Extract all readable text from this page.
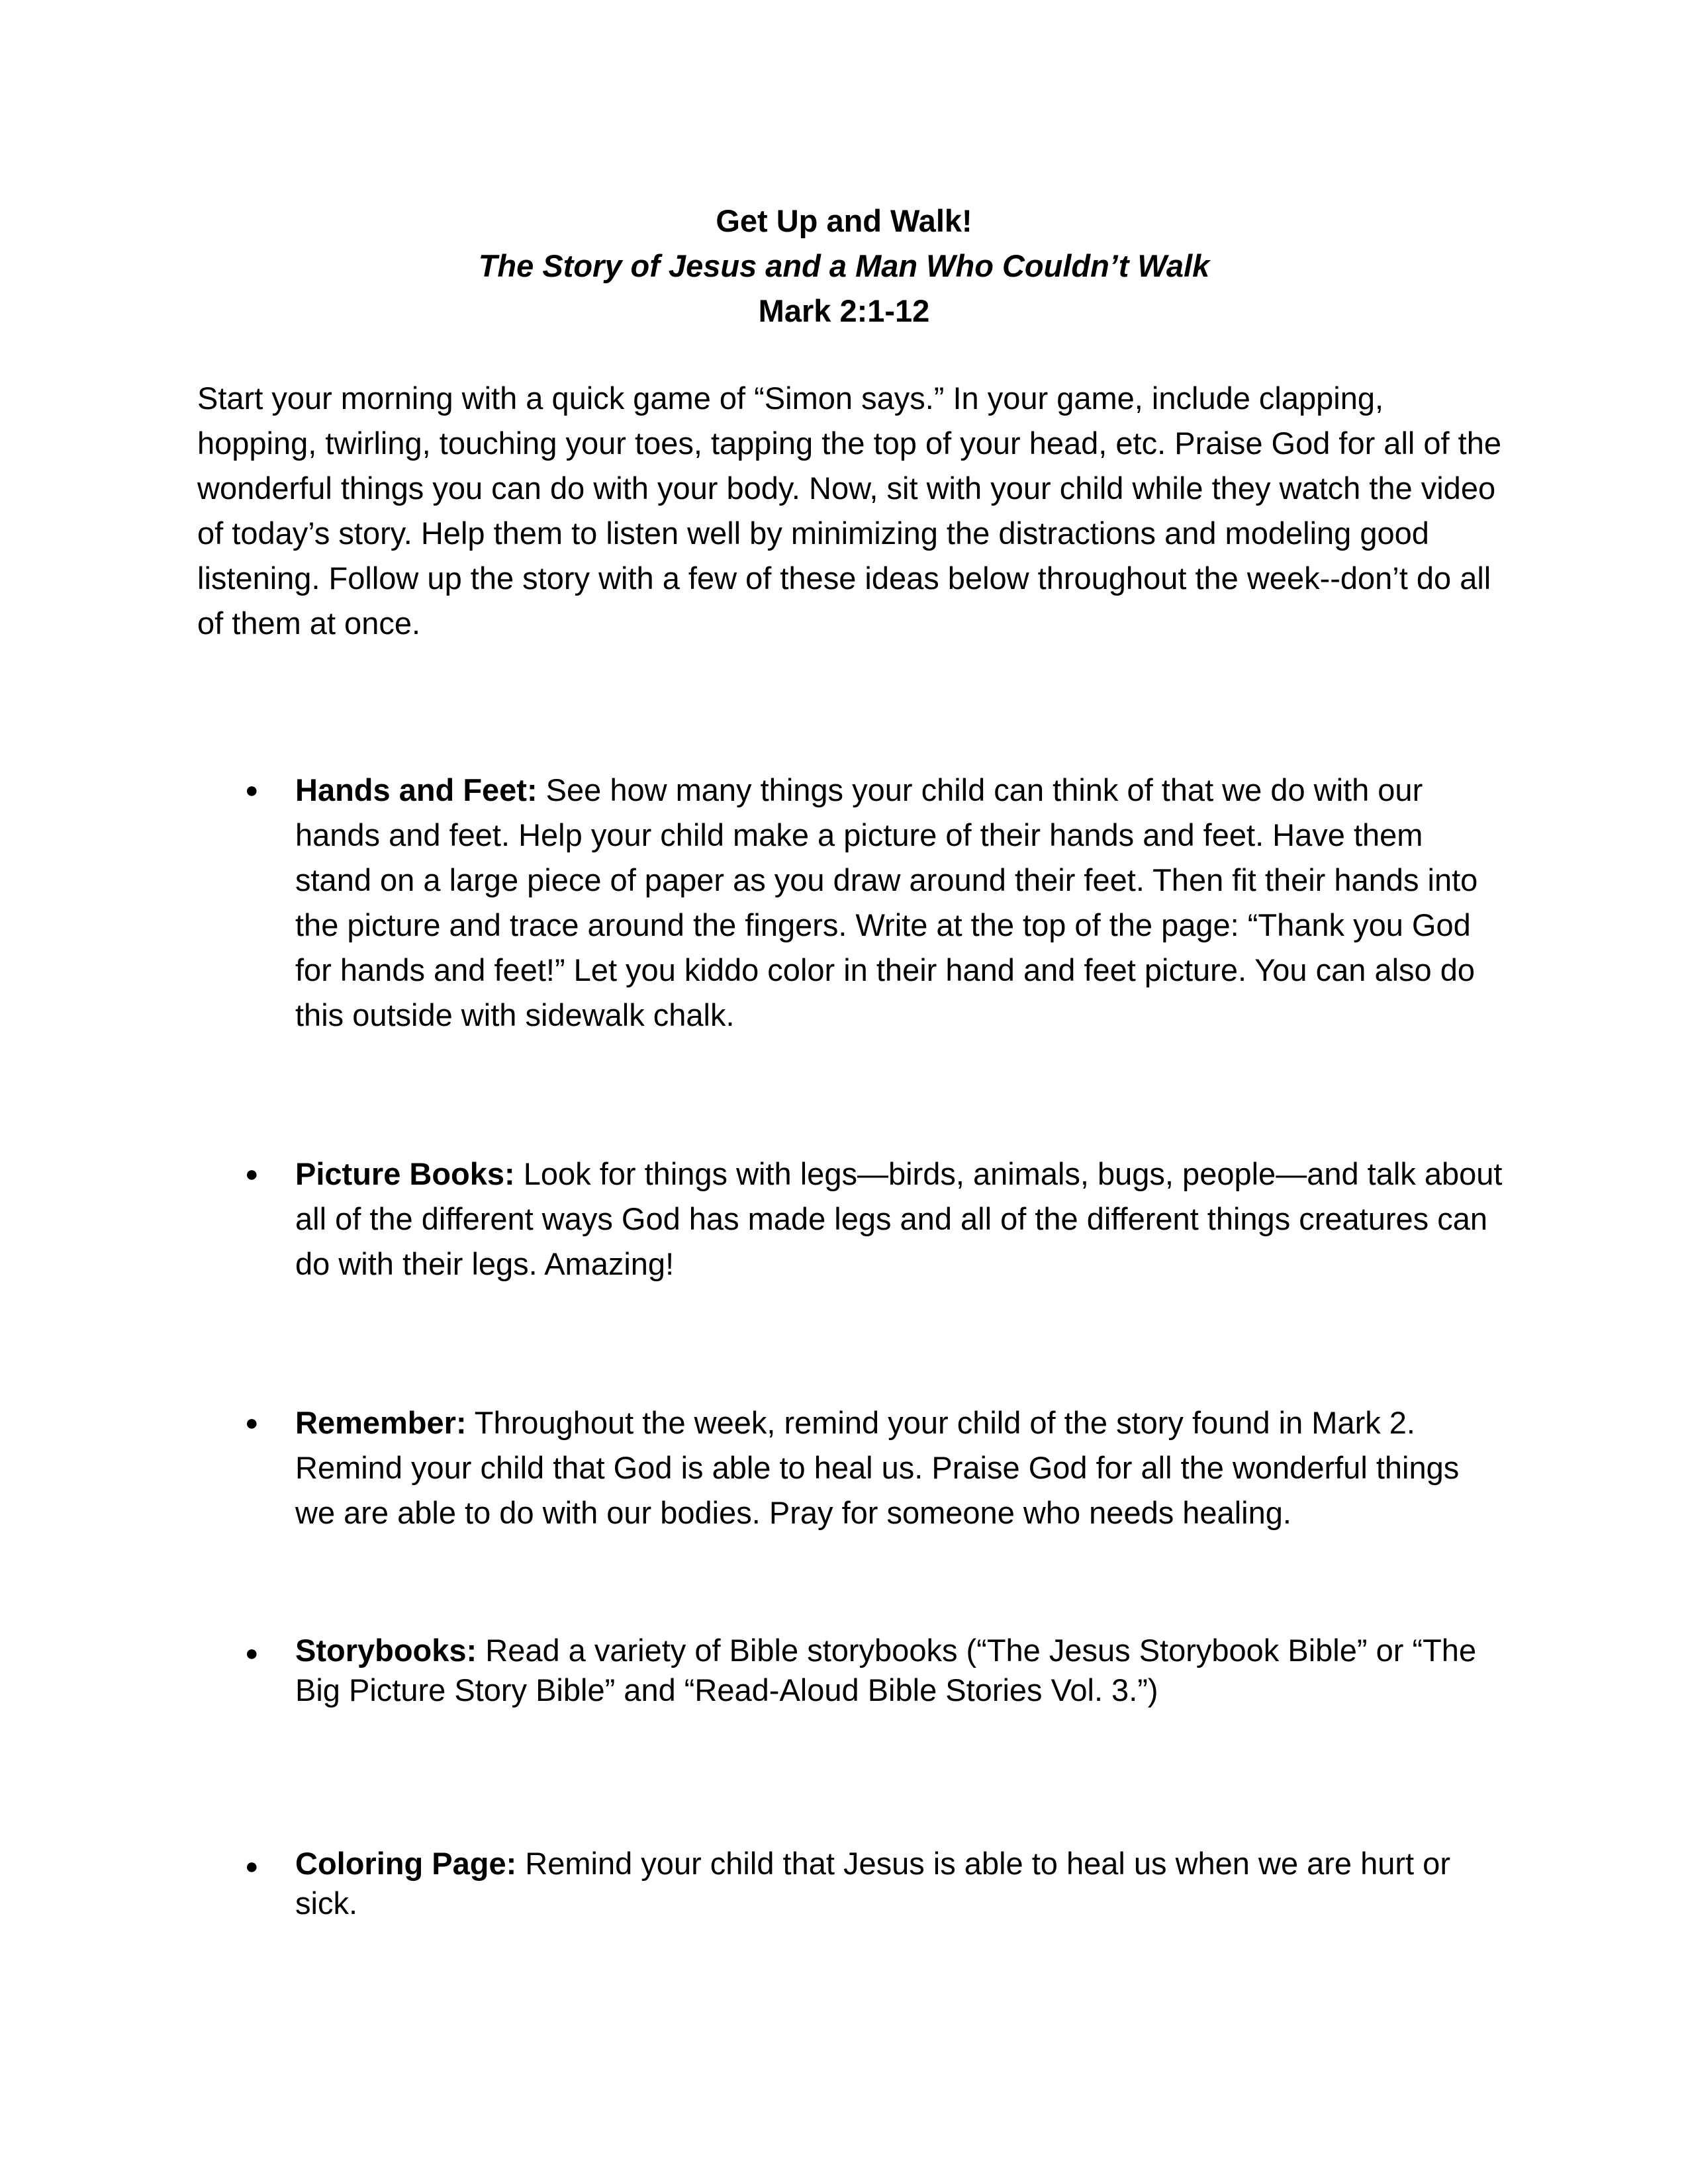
Get Up and Walk!

The Story of Jesus and a Man Who Couldn’t Walk

Mark 2:1-12

Start your morning with a quick game of “Simon says.” In your game, include clapping, hopping, twirling, touching your toes, tapping the top of your head, etc. Praise God for all of the wonderful things you can do with your body. Now, sit with your child while they watch the video of today’s story. Help them to listen well by minimizing the distractions and modeling good listening. Follow up the story with a few of these ideas below throughout the week--don’t do all of them at once.

● Hands and Feet: See how many things your child can think of that we do with our hands and feet. Help your child make a picture of their hands and feet. Have them stand on a large piece of paper as you draw around their feet. Then fit their hands into the picture and trace around the fingers. Write at the top of the page: “Thank you God for hands and feet!” Let you kiddo color in their hand and feet picture. You can also do this outside with sidewalk chalk.

● Picture Books: Look for things with legs—birds, animals, bugs, people—and talk about all of the different ways God has made legs and all of the different things creatures can do with their legs. Amazing!

● Remember: Throughout the week, remind your child of the story found in Mark 2. Remind your child that God is able to heal us. Praise God for all the wonderful things we are able to do with our bodies. Pray for someone who needs healing.

● Storybooks: Read a variety of Bible storybooks (“The Jesus Storybook Bible” or “The Big Picture Story Bible” and “Read-Aloud Bible Stories Vol. 3.”)

● Coloring Page: Remind your child that Jesus is able to heal us when we are hurt or sick.
